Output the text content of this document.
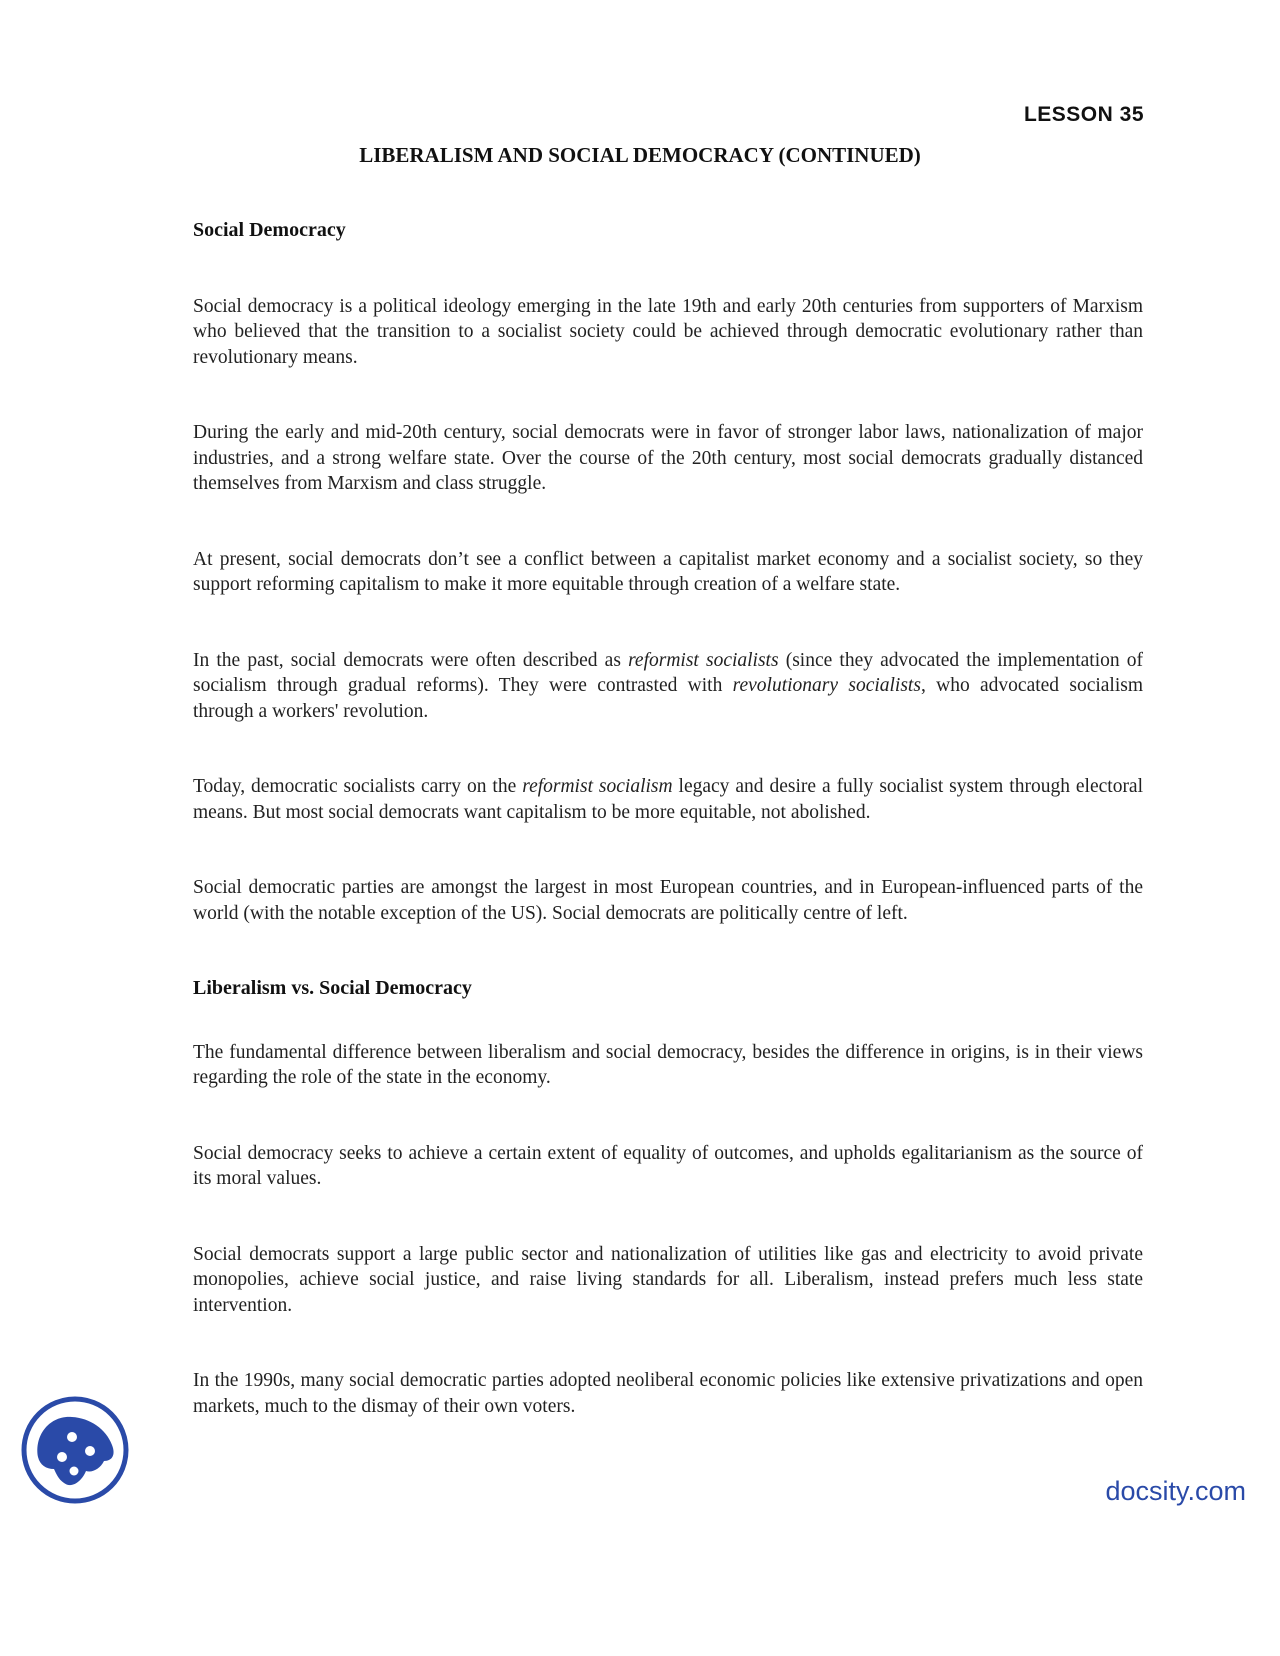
LESSON 35
LIBERALISM AND SOCIAL DEMOCRACY (CONTINUED)
Social Democracy

Social democracy is a political ideology emerging in the late 19th and early 20th centuries from supporters of Marxism who believed that the transition to a socialist society could be achieved through democratic evolutionary rather than revolutionary means.

During the early and mid-20th century, social democrats were in favor of stronger labor laws, nationalization of major industries, and a strong welfare state. Over the course of the 20th century, most social democrats gradually distanced themselves from Marxism and class struggle.

At present, social democrats don’t see a conflict between a capitalist market economy and a socialist society, so they support reforming capitalism to make it more equitable through creation of a welfare state.

In the past, social democrats were often described as reformist socialists (since they advocated the implementation of socialism through gradual reforms). They were contrasted with revolutionary socialists, who advocated socialism through a workers' revolution.

Today, democratic socialists carry on the reformist socialism legacy and desire a fully socialist system through electoral means. But most social democrats want capitalism to be more equitable, not abolished.

Social democratic parties are amongst the largest in most European countries, and in European-influenced parts of the world (with the notable exception of the US). Social democrats are politically centre of left.

Liberalism vs. Social Democracy

The fundamental difference between liberalism and social democracy, besides the difference in origins, is in their views regarding the role of the state in the economy.

Social democracy seeks to achieve a certain extent of equality of outcomes, and upholds egalitarianism as the source of its moral values.

Social democrats support a large public sector and nationalization of utilities like gas and electricity to avoid private monopolies, achieve social justice, and raise living standards for all. Liberalism, instead prefers much less state intervention.

In the 1990s, many social democratic parties adopted neoliberal economic policies like extensive privatizations and open markets, much to the dismay of their own voters.

docsity.com
